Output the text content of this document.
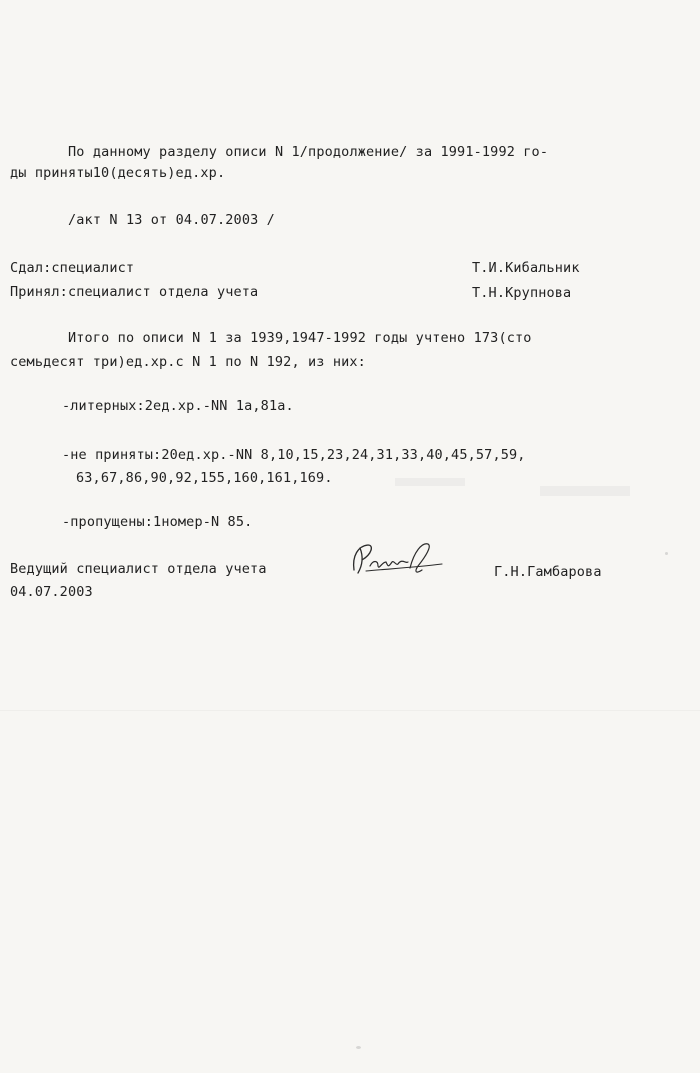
По данному разделу описи N 1/продолжение/ за 1991-1992 го-
ды приняты10(десять)ед.хр.
/акт N 13 от 04.07.2003 /
Сдал:специалист	Т.И.Кибальник
Принял:специалист отдела учета	Т.Н.Крупнова
Итого по описи N 1 за 1939,1947-1992 годы учтено 173(сто
семьдесят три)ед.хр.с N 1 по N 192, из них:
-литерных:2ед.хр.-NN 1а,81а.
-не приняты:20ед.хр.-NN 8,10,15,23,24,31,33,40,45,57,59,
63,67,86,90,92,155,160,161,169.
-пропущены:1номер-N 85.
Ведущий специалист отдела учета
04.07.2003
Г.Н.Гамбарова
